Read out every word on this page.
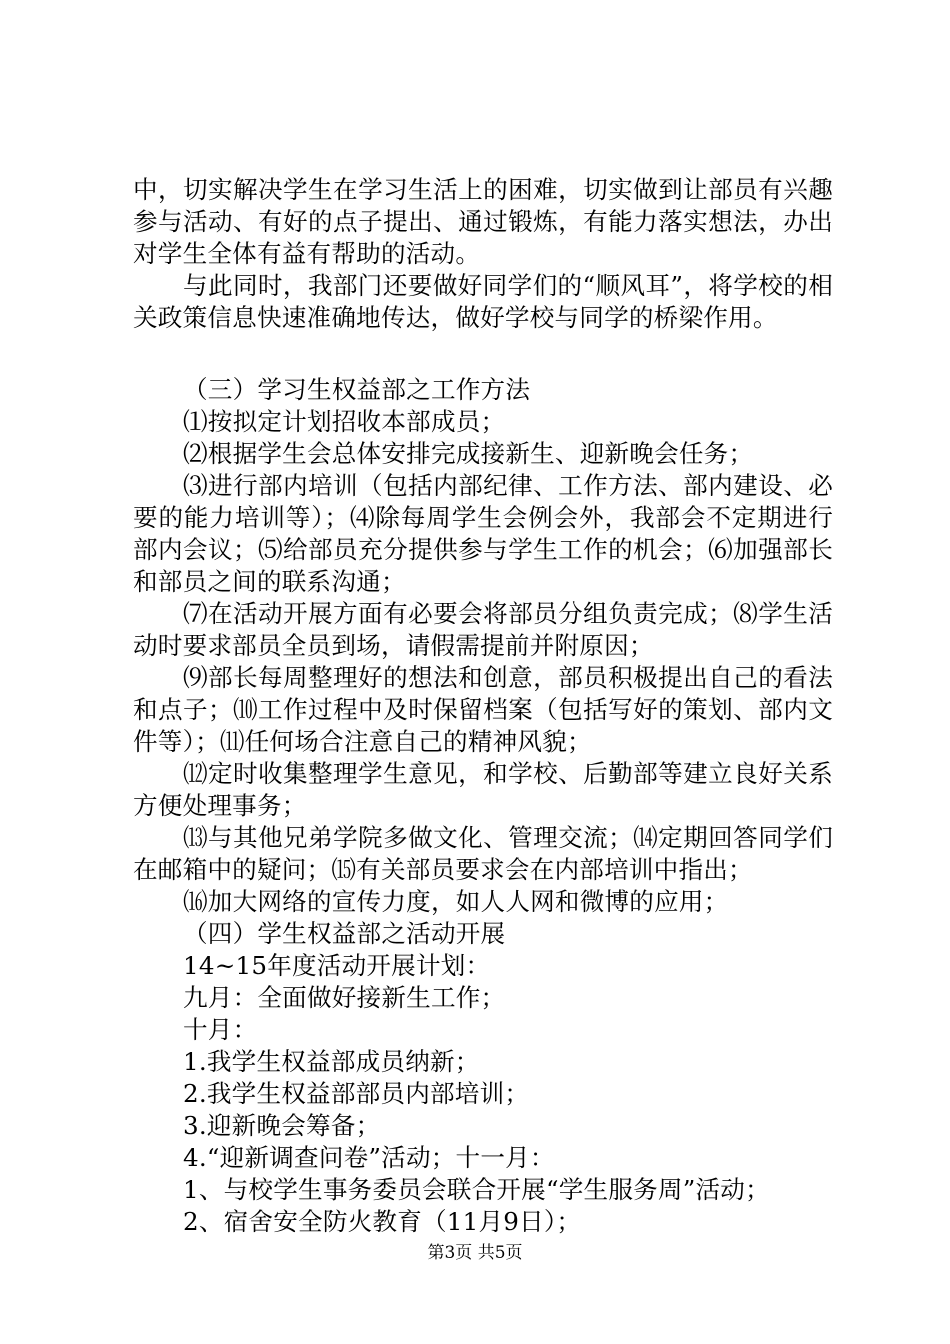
中，切实解决学生在学习生活上的困难，切实做到让部员有兴趣参与活动、有好的点子提出、通过锻炼，有能力落实想法，办出对学生全体有益有帮助的活动。

与此同时，我部门还要做好同学们的“顺风耳”，将学校的相关政策信息快速准确地传达，做好学校与同学的桥梁作用。

（三）学习生权益部之工作方法

⑴按拟定计划招收本部成员；

⑵根据学生会总体安排完成接新生、迎新晚会任务；

⑶进行部内培训（包括内部纪律、工作方法、部内建设、必要的能力培训等）；⑷除每周学生会例会外，我部会不定期进行部内会议；⑸给部员充分提供参与学生工作的机会；⑹加强部长和部员之间的联系沟通；

⑺在活动开展方面有必要会将部员分组负责完成；⑻学生活动时要求部员全员到场，请假需提前并附原因；

⑼部长每周整理好的想法和创意，部员积极提出自己的看法和点子；⑽工作过程中及时保留档案（包括写好的策划、部内文件等）；⑾任何场合注意自己的精神风貌；

⑿定时收集整理学生意见，和学校、后勤部等建立良好关系方便处理事务；

⒀与其他兄弟学院多做文化、管理交流；⒁定期回答同学们在邮箱中的疑问；⒂有关部员要求会在内部培训中指出；

⒃加大网络的宣传力度，如人人网和微博的应用；

（四）学生权益部之活动开展

14~15年度活动开展计划：

九月：全面做好接新生工作；

十月：

1.我学生权益部成员纳新；

2.我学生权益部部员内部培训；

3.迎新晚会筹备；

4.“迎新调查问卷”活动；十一月：

1、与校学生事务委员会联合开展“学生服务周”活动；

2、宿舍安全防火教育（11月9日）；

第3页 共5页
